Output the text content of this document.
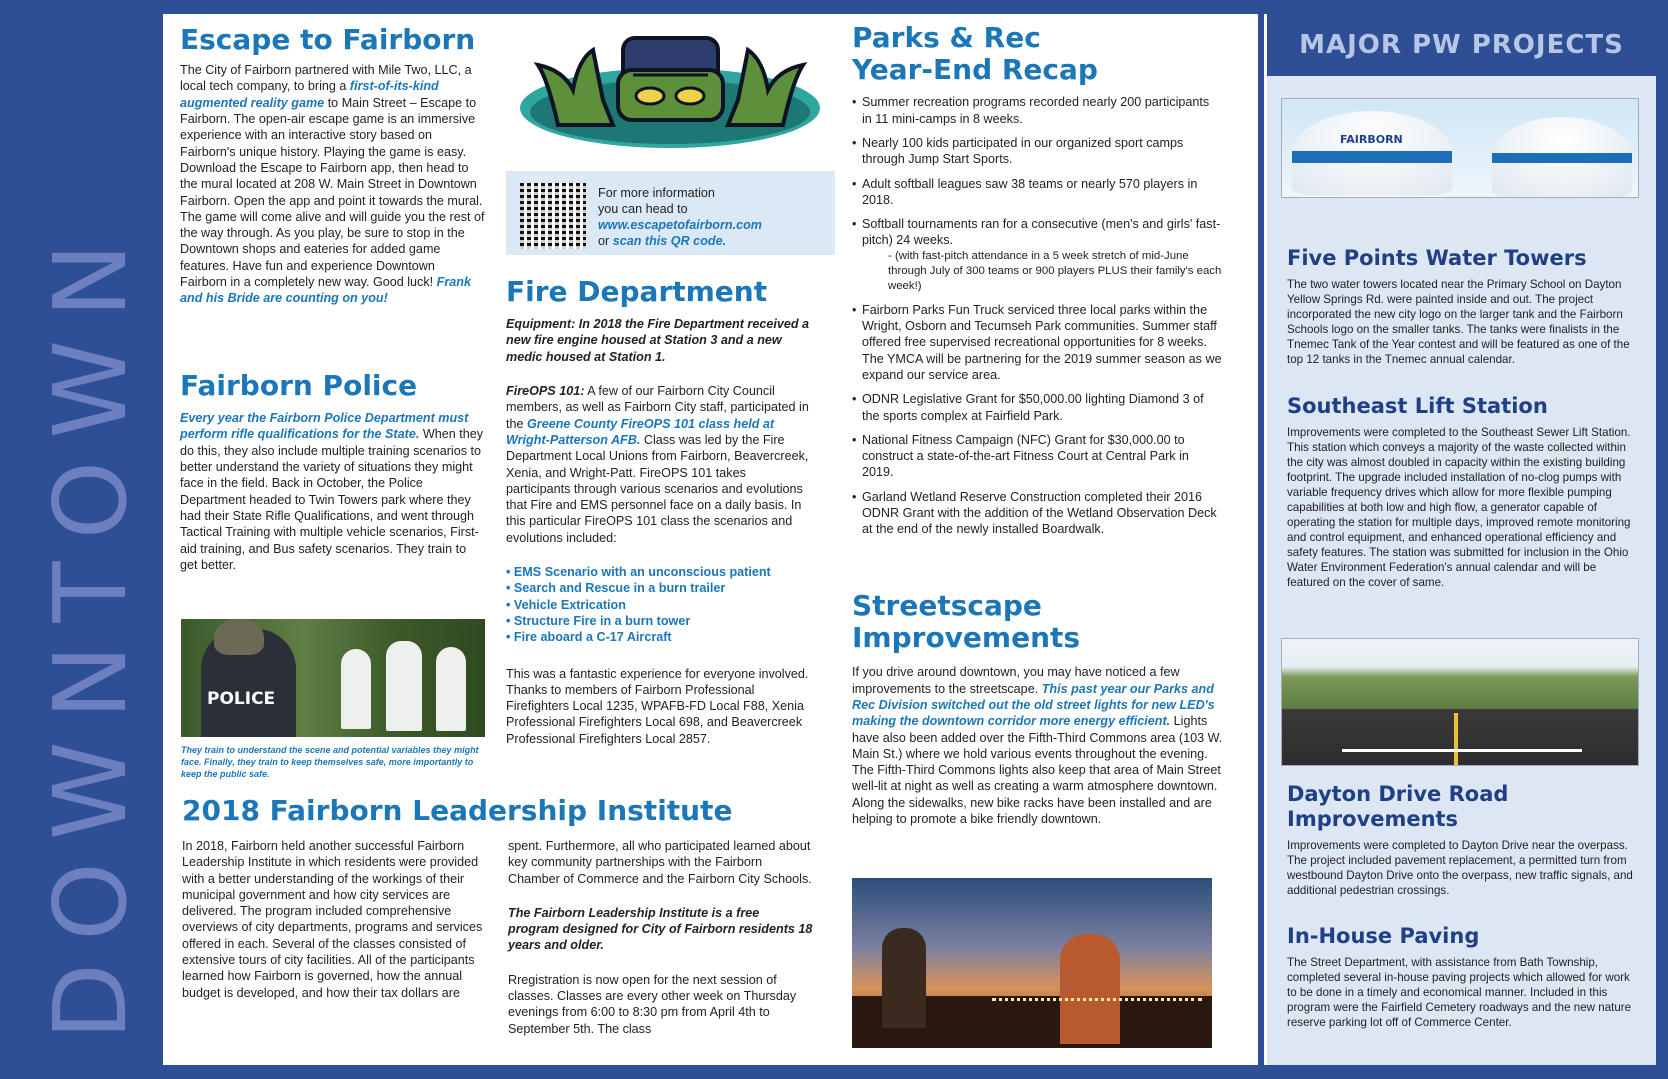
DOWNTOWN
Escape to Fairborn

The City of Fairborn partnered with Mile Two, LLC, a local tech company, to bring a first-of-its-kind augmented reality game to Main Street – Escape to Fairborn. The open-air escape game is an immersive experience with an interactive story based on Fairborn's unique history. Playing the game is easy. Download the Escape to Fairborn app, then head to the mural located at 208 W. Main Street in Downtown Fairborn. Open the app and point it towards the mural. The game will come alive and will guide you the rest of the way through. As you play, be sure to stop in the Downtown shops and eateries for added game features. Have fun and experience Downtown Fairborn in a completely new way. Good luck! Frank and his Bride are counting on you!

For more information
you can head to
www.escapetofairborn.com
or scan this QR code.
Fairborn Police

Every year the Fairborn Police Department must perform rifle qualifications for the State. When they do this, they also include multiple training scenarios to better understand the variety of situations they might face in the field. Back in October, the Police Department headed to Twin Towers park where they had their State Rifle Qualifications, and went through Tactical Training with multiple vehicle scenarios, First-aid training, and Bus safety scenarios. They train to get better.

POLICE
They train to understand the scene and potential variables they might face. Finally, they train to keep themselves safe, more importantly to keep the public safe.
Fire Department

Equipment: In 2018 the Fire Department received a new fire engine housed at Station 3 and a new medic housed at Station 1.

FireOPS 101: A few of our Fairborn City Council members, as well as Fairborn City staff, participated in the Greene County FireOPS 101 class held at Wright-Patterson AFB. Class was led by the Fire Department Local Unions from Fairborn, Beavercreek, Xenia, and Wright-Patt. FireOPS 101 takes participants through various scenarios and evolutions that Fire and EMS personnel face on a daily basis. In this particular FireOPS 101 class the scenarios and evolutions included:

• EMS Scenario with an unconscious patient
• Search and Rescue in a burn trailer
• Vehicle Extrication
• Structure Fire in a burn tower
• Fire aboard a C-17 Aircraft

This was a fantastic experience for everyone involved. Thanks to members of Fairborn Professional Firefighters Local 1235, WPAFB-FD Local F88, Xenia Professional Firefighters Local 698, and Beavercreek Professional Firefighters Local 2857.

2018 Fairborn Leadership Institute

In 2018, Fairborn held another successful Fairborn Leadership Institute in which residents were provided with a better understanding of the workings of their municipal government and how city services are delivered. The program included comprehensive overviews of city departments, programs and services offered in each. Several of the classes consisted of extensive tours of city facilities. All of the participants learned how Fairborn is governed, how the annual budget is developed, and how their tax dollars are

spent. Furthermore, all who participated learned about key community partnerships with the Fairborn Chamber of Commerce and the Fairborn City Schools.

The Fairborn Leadership Institute is a free program designed for City of Fairborn residents 18 years and older.

Rregistration is now open for the next session of classes. Classes are every other week on Thursday evenings from 6:00 to 8:30 pm from April 4th to September 5th. The class

Parks & Rec
Year-End Recap
• Summer recreation programs recorded nearly 200 participants in 11 mini-camps in 8 weeks.
• Nearly 100 kids participated in our organized sport camps through Jump Start Sports.
• Adult softball leagues saw 38 teams or nearly 570 players in 2018.
• Softball tournaments ran for a consecutive (men's and girls' fast-pitch) 24 weeks.
- (with fast-pitch attendance in a 5 week stretch of mid-June through July of 300 teams or 900 players PLUS their family's each week!)
• Fairborn Parks Fun Truck serviced three local parks within the Wright, Osborn and Tecumseh Park communities. Summer staff offered free supervised recreational opportunities for 8 weeks. The YMCA will be partnering for the 2019 summer season as we expand our service area.
• ODNR Legislative Grant for $50,000.00 lighting Diamond 3 of the sports complex at Fairfield Park.
• National Fitness Campaign (NFC) Grant for $30,000.00 to construct a state-of-the-art Fitness Court at Central Park in 2019.
• Garland Wetland Reserve Construction completed their 2016 ODNR Grant with the addition of the Wetland Observation Deck at the end of the newly installed Boardwalk.
Streetscape
Improvements

If you drive around downtown, you may have noticed a few improvements to the streetscape. This past year our Parks and Rec Division switched out the old street lights for new LED's making the downtown corridor more energy efficient. Lights have also been added over the Fifth-Third Commons area (103 W. Main St.) where we hold various events throughout the evening. The Fifth-Third Commons lights also keep that area of Main Street well-lit at night as well as creating a warm atmosphere downtown. Along the sidewalks, new bike racks have been installed and are helping to promote a bike friendly downtown.

MAJOR PW PROJECTS
FAIRBORN
Five Points Water Towers

The two water towers located near the Primary School on Dayton Yellow Springs Rd. were painted inside and out. The project incorporated the new city logo on the larger tank and the Fairborn Schools logo on the smaller tanks. The tanks were finalists in the Tnemec Tank of the Year contest and will be featured as one of the top 12 tanks in the Tnemec annual calendar.

Southeast Lift Station

Improvements were completed to the Southeast Sewer Lift Station. This station which conveys a majority of the waste collected within the city was almost doubled in capacity within the existing building footprint. The upgrade included installation of no-clog pumps with variable frequency drives which allow for more flexible pumping capabilities at both low and high flow, a generator capable of operating the station for multiple days, improved remote monitoring and control equipment, and enhanced operational efficiency and safety features. The station was submitted for inclusion in the Ohio Water Environment Federation's annual calendar and will be featured on the cover of same.

Dayton Drive Road
Improvements

Improvements were completed to Dayton Drive near the overpass. The project included pavement replacement, a permitted turn from westbound Dayton Drive onto the overpass, new traffic signals, and additional pedestrian crossings.

In-House Paving

The Street Department, with assistance from Bath Township, completed several in-house paving projects which allowed for work to be done in a timely and economical manner. Included in this program were the Fairfield Cemetery roadways and the new nature reserve parking lot off of Commerce Center.
